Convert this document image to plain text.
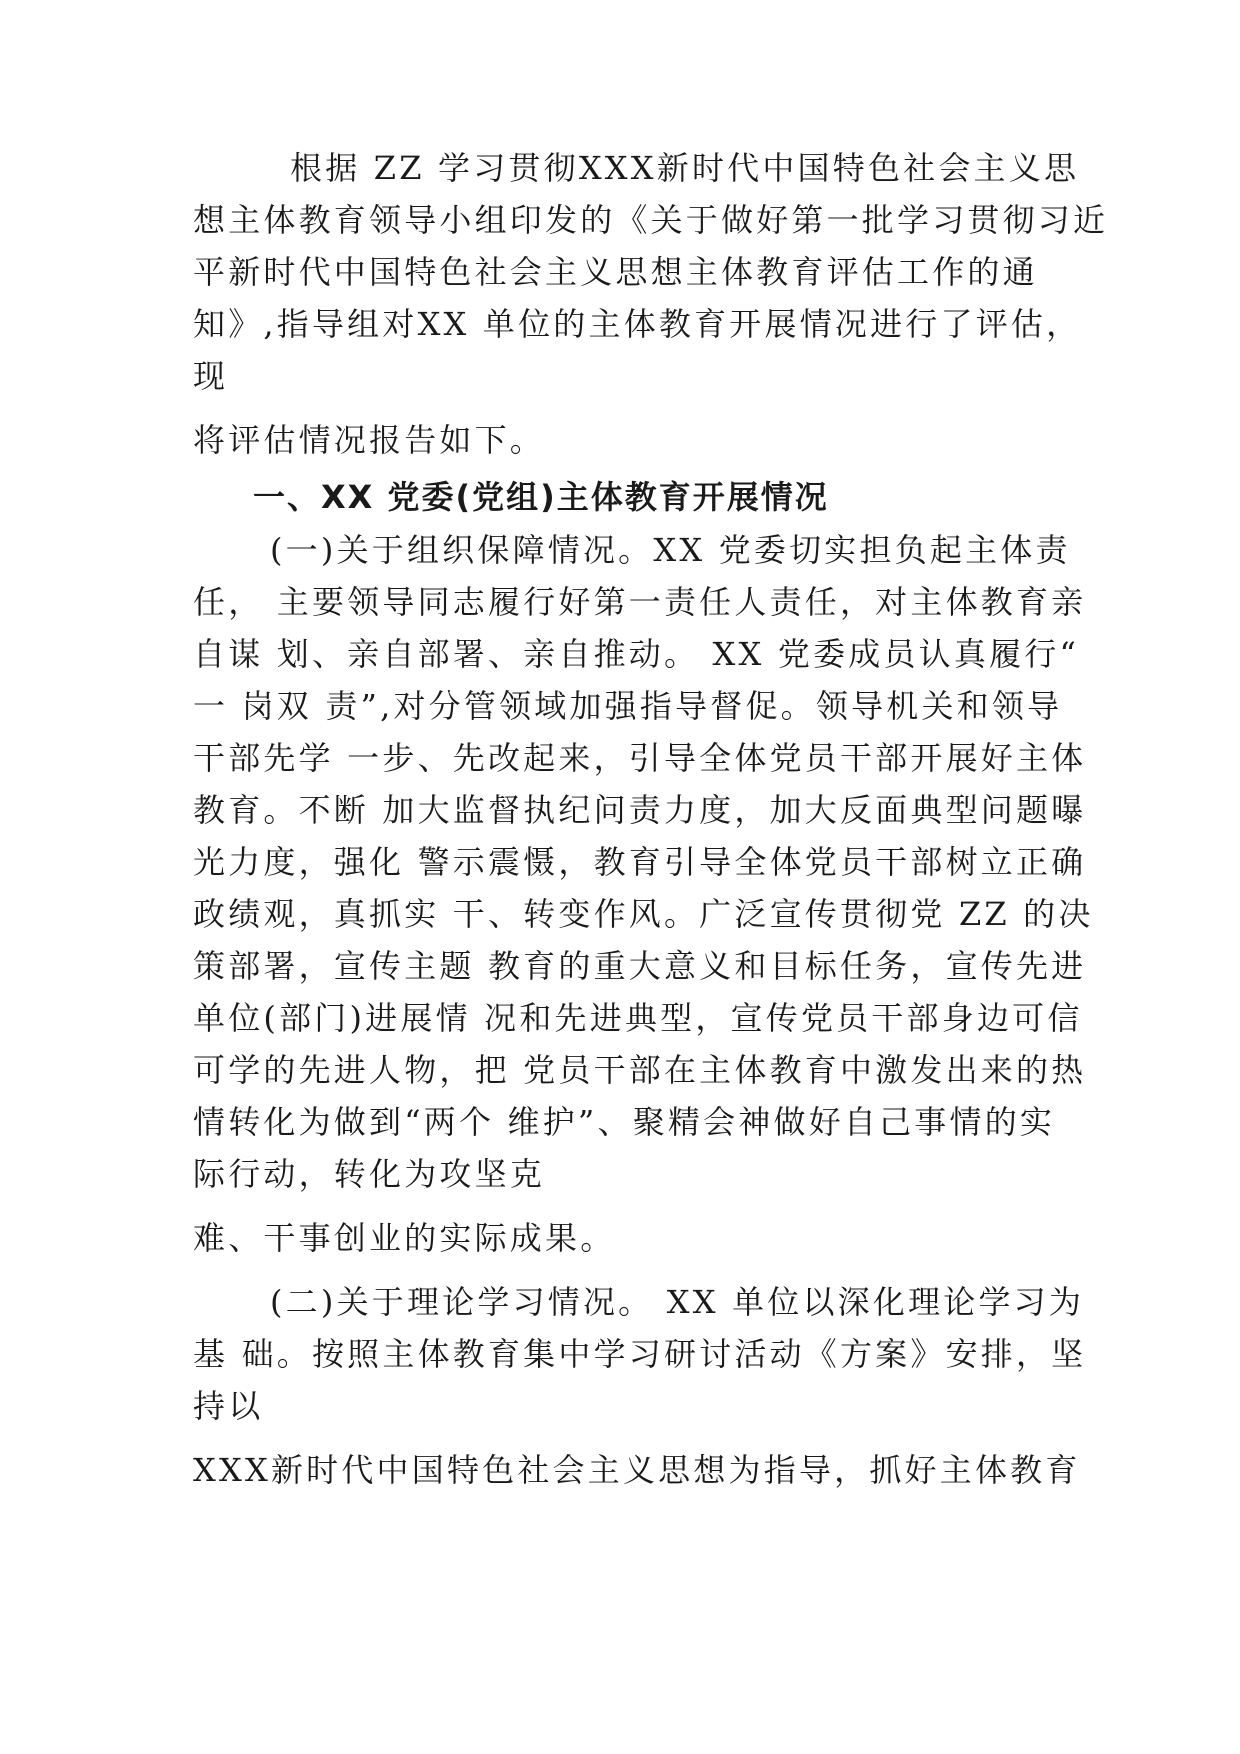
根据 ZZ 学习贯彻XXX新时代中国特色社会主义思
想主体教育领导小组印发的《关于做好第一批学习贯彻习近
平新时代中国特色社会主义思想主体教育评估工作的通
知》,指导组对XX 单位的主体教育开展情况进行了评估，
现
将评估情况报告如下。
一、XX 党委(党组)主体教育开展情况
(一)关于组织保障情况。XX 党委切实担负起主体责
任， 主要领导同志履行好第一责任人责任，对主体教育亲
自谋 划、亲自部署、亲自推动。 XX 党委成员认真履行“
一 岗双 责”,对分管领域加强指导督促。领导机关和领导
干部先学 一步、先改起来，引导全体党员干部开展好主体
教育。不断 加大监督执纪问责力度，加大反面典型问题曝
光力度，强化 警示震慑，教育引导全体党员干部树立正确
政绩观，真抓实 干、转变作风。广泛宣传贯彻党 ZZ 的决
策部署，宣传主题 教育的重大意义和目标任务，宣传先进
单位(部门)进展情 况和先进典型，宣传党员干部身边可信
可学的先进人物，把 党员干部在主体教育中激发出来的热
情转化为做到“两个 维护”、聚精会神做好自己事情的实
际行动，转化为攻坚克
难、干事创业的实际成果。
(二)关于理论学习情况。 XX 单位以深化理论学习为
基 础。按照主体教育集中学习研讨活动《方案》安排，坚
持以
XXX新时代中国特色社会主义思想为指导，抓好主体教育
